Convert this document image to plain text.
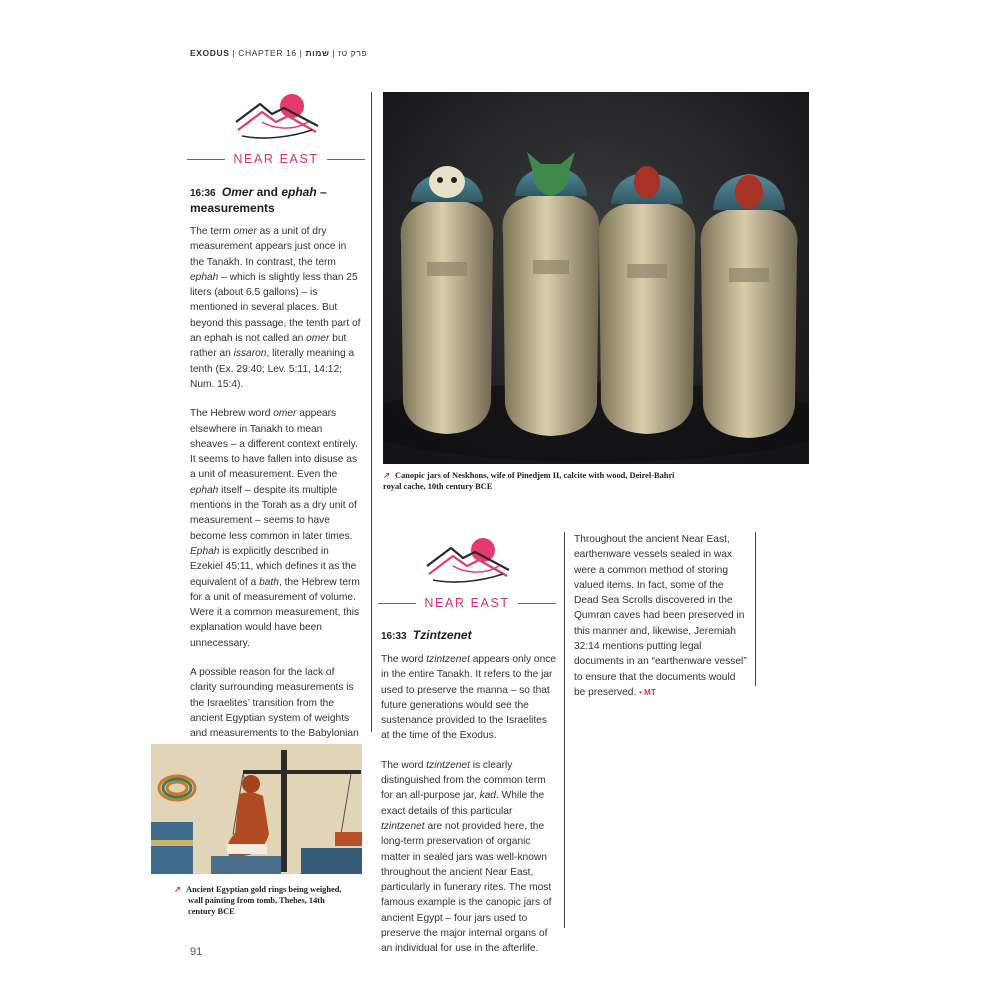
EXODUS | CHAPTER 16 |	פרק טז | שמות
NEAR EAST
16:36 Omer and ephah – measurements

The term omer as a unit of dry measurement appears just once in the Tanakh. In contrast, the term ephah – which is slightly less than 25 liters (about 6.5 gallons) – is mentioned in several places. But beyond this passage, the tenth part of an ephah is not called an omer but rather an issaron, literally meaning a tenth (Ex. 29:40; Lev. 5:11, 14:12; Num. 15:4).

The Hebrew word omer appears elsewhere in Tanakh to mean sheaves – a different context entirely. It seems to have fallen into disuse as a unit of measurement. Even the ephah itself – despite its multiple mentions in the Torah as a dry unit of measurement – seems to have become less common in later times. Ephah is explicitly described in Ezekiel 45:11, which defines it as the equivalent of a bath, the Hebrew term for a unit of measurement of volume. Were it a common measurement, this explanation would have been unnecessary.

A possible reason for the lack of clarity surrounding measurements is the Israelites’ transition from the ancient Egyptian system of weights and measurements to the Babylonian

↗ Canopic jars of Neskhons, wife of Pinedjem II, calcite with wood, Deirel-Bahri royal cache, 10th century BCE
NEAR EAST
16:33 Tzintzenet

The word tzintzenet appears only once in the entire Tanakh. It refers to the jar used to preserve the manna – so that future generations would see the sustenance provided to the Israelites at the time of the Exodus.

The word tzintzenet is clearly distinguished from the common term for an all-purpose jar, kad. While the exact details of this particular tzintzenet are not provided here, the long-term preservation of organic matter in sealed jars was well-known throughout the ancient Near East, particularly in funerary rites. The most famous example is the canopic jars of ancient Egypt – four jars used to preserve the major internal organs of an individual for use in the afterlife.

Throughout the ancient Near East, earthenware vessels sealed in wax were a common method of storing valued items. In fact, some of the Dead Sea Scrolls discovered in the Qumran caves had been preserved in this manner and, likewise, Jeremiah 32:14 mentions putting legal documents in an “earthenware vessel” to ensure that the documents would be preserved. • MT

↗ Ancient Egyptian gold rings being weighed, wall painting from tomb, Thebes, 14th century BCE
91
